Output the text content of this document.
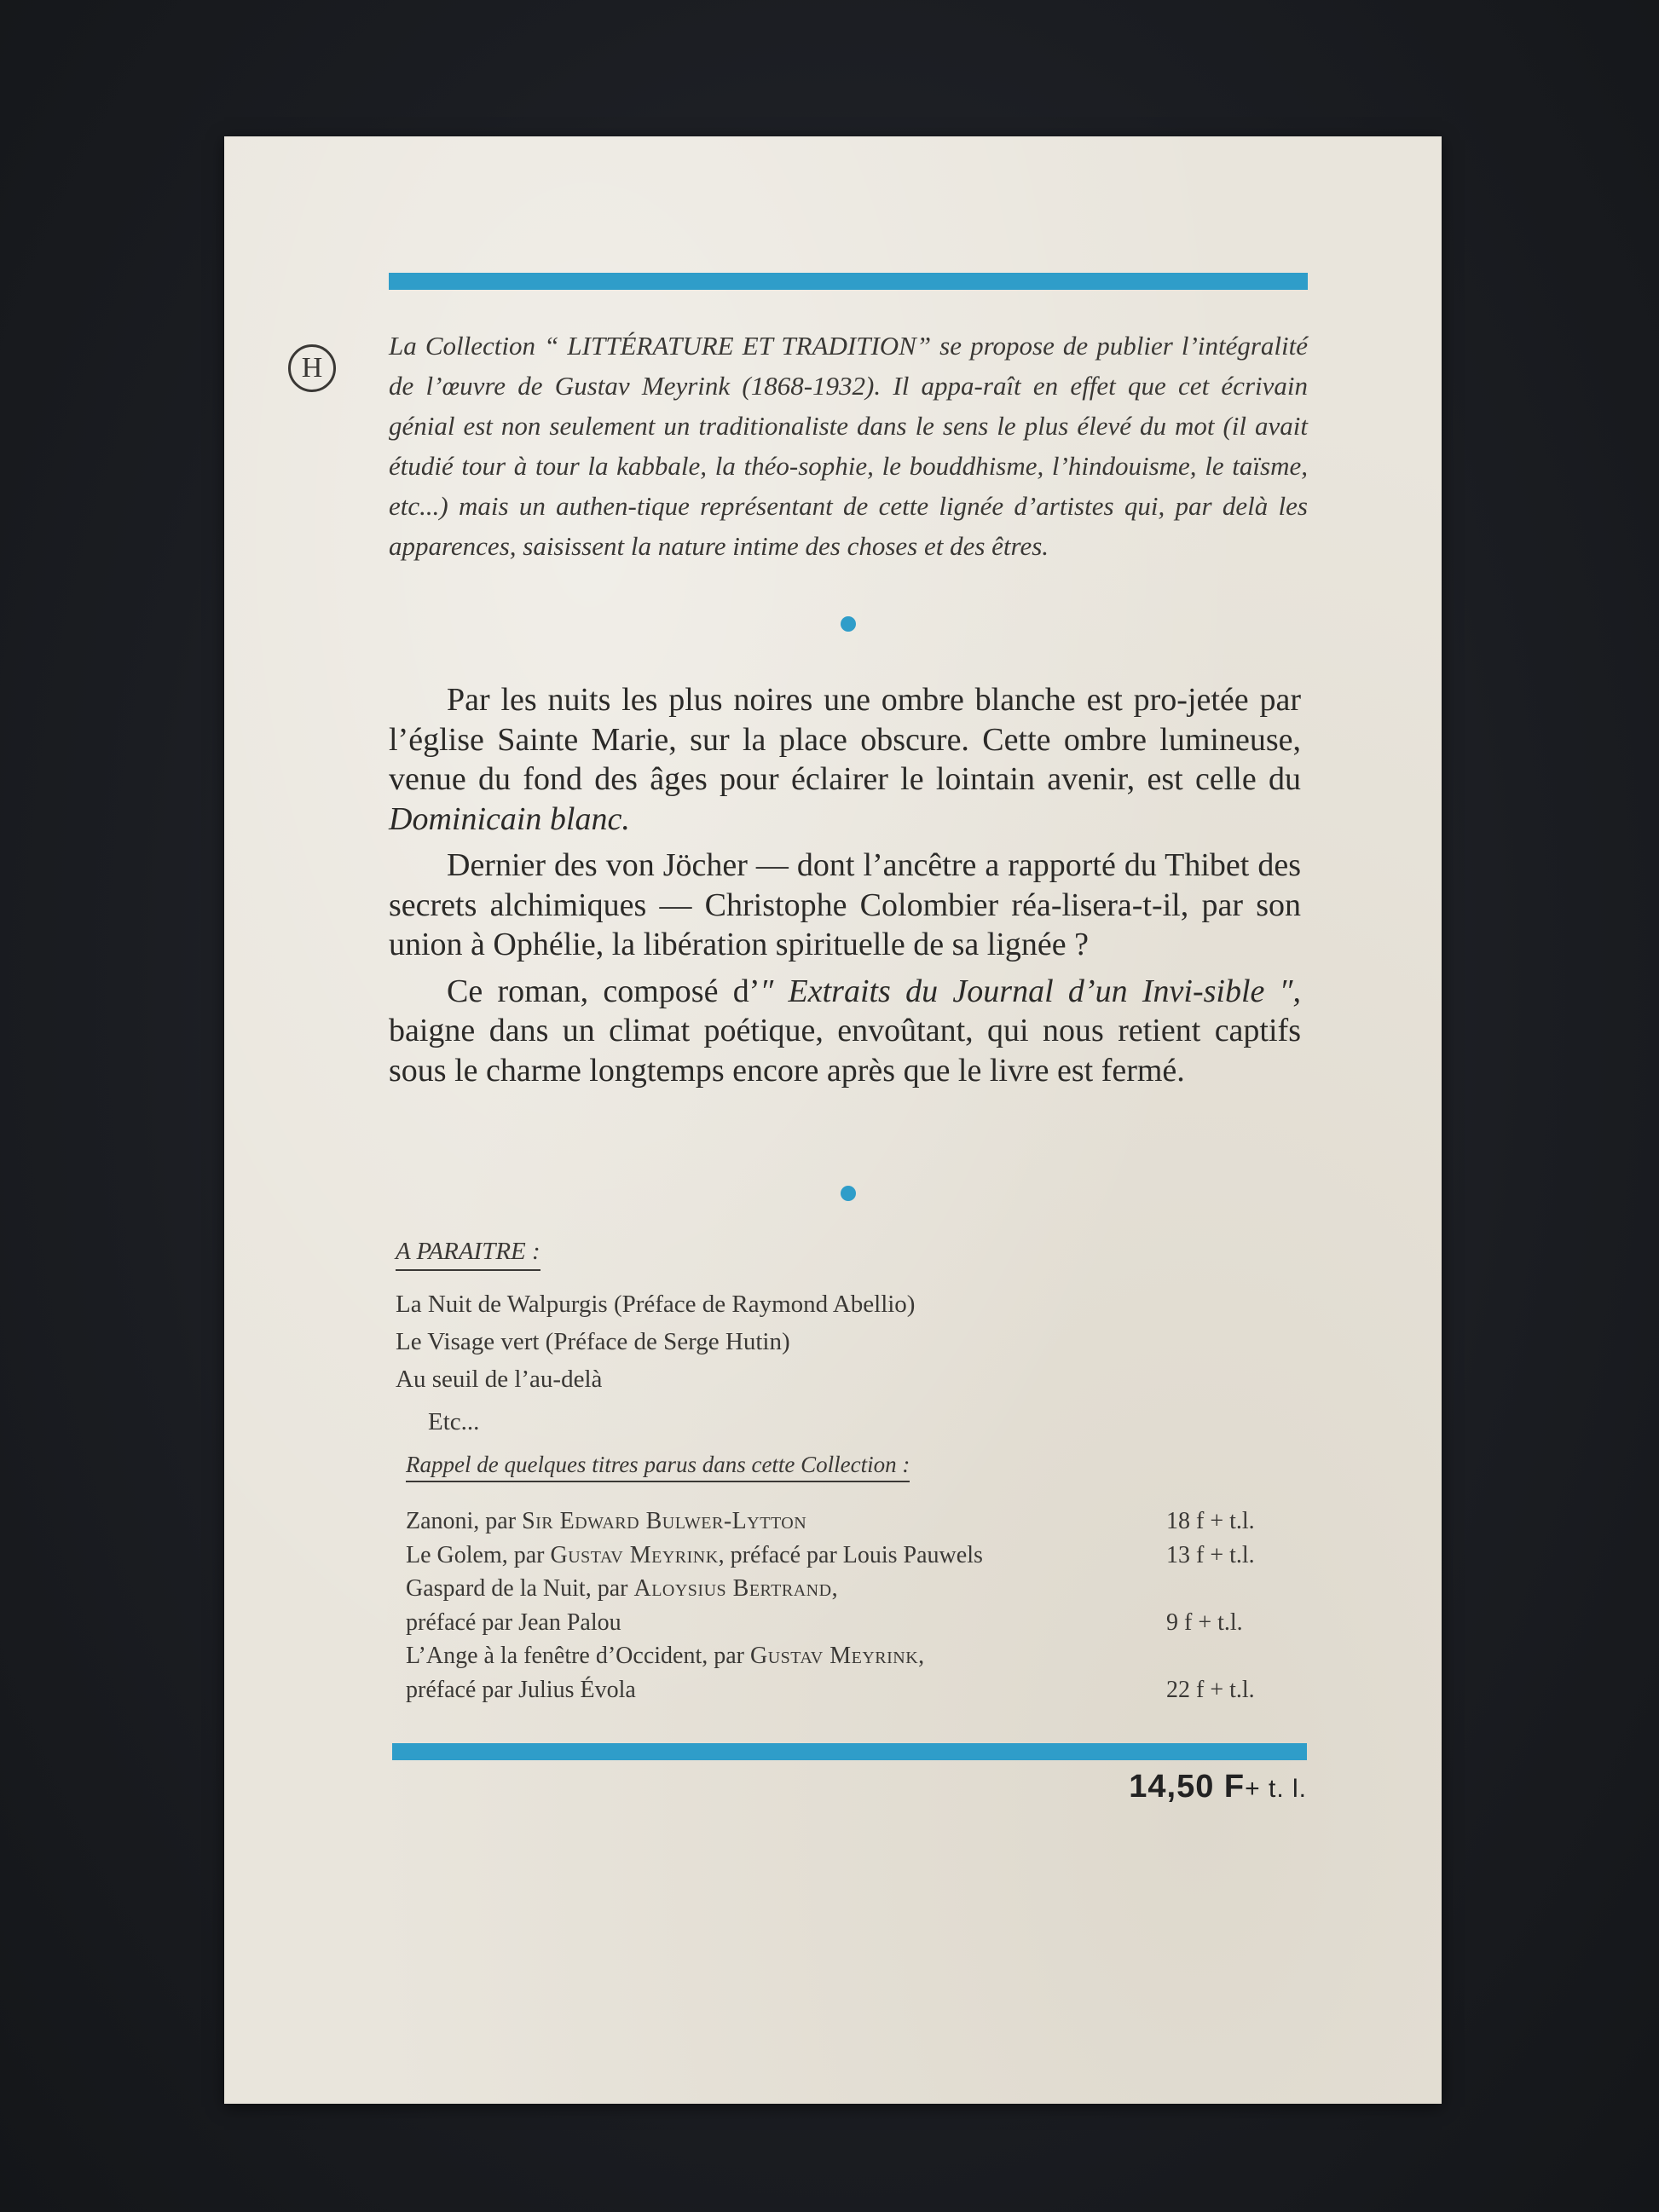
H

La Collection “ LITTÉRATURE ET TRADITION” se propose de publier l’intégralité de l’œuvre de Gustav Meyrink (1868-1932). Il appa-raît en effet que cet écrivain génial est non seulement un traditionaliste dans le sens le plus élevé du mot (il avait étudié tour à tour la kabbale, la théo-sophie, le bouddhisme, l’hindouisme, le taïsme, etc...) mais un authen-tique représentant de cette lignée d’artistes qui, par delà les apparences, saisissent la nature intime des choses et des êtres.

Par les nuits les plus noires une ombre blanche est pro-jetée par l’église Sainte Marie, sur la place obscure. Cette ombre lumineuse, venue du fond des âges pour éclairer le lointain avenir, est celle du Dominicain blanc.

Dernier des von Jöcher — dont l’ancêtre a rapporté du Thibet des secrets alchimiques — Christophe Colombier réa-lisera-t-il, par son union à Ophélie, la libération spirituelle de sa lignée ?

Ce roman, composé d’″ Extraits du Journal d’un Invi-sible ″, baigne dans un climat poétique, envoûtant, qui nous retient captifs sous le charme longtemps encore après que le livre est fermé.

A PARAITRE :
La Nuit de Walpurgis (Préface de Raymond Abellio)
Le Visage vert (Préface de Serge Hutin)
Au seuil de l’au-delà
Etc...
Rappel de quelques titres parus dans cette Collection :
Zanoni, par Sir Edward Bulwer-Lytton	18 f + t.l.
Le Golem, par Gustav Meyrink, préfacé par Louis Pauwels	13 f + t.l.
Gaspard de la Nuit, par Aloysius Bertrand,
préfacé par Jean Palou	9 f + t.l.
L’Ange à la fenêtre d’Occident, par Gustav Meyrink,
préfacé par Julius Évola	22 f + t.l.
14,50 F+ t. l.
